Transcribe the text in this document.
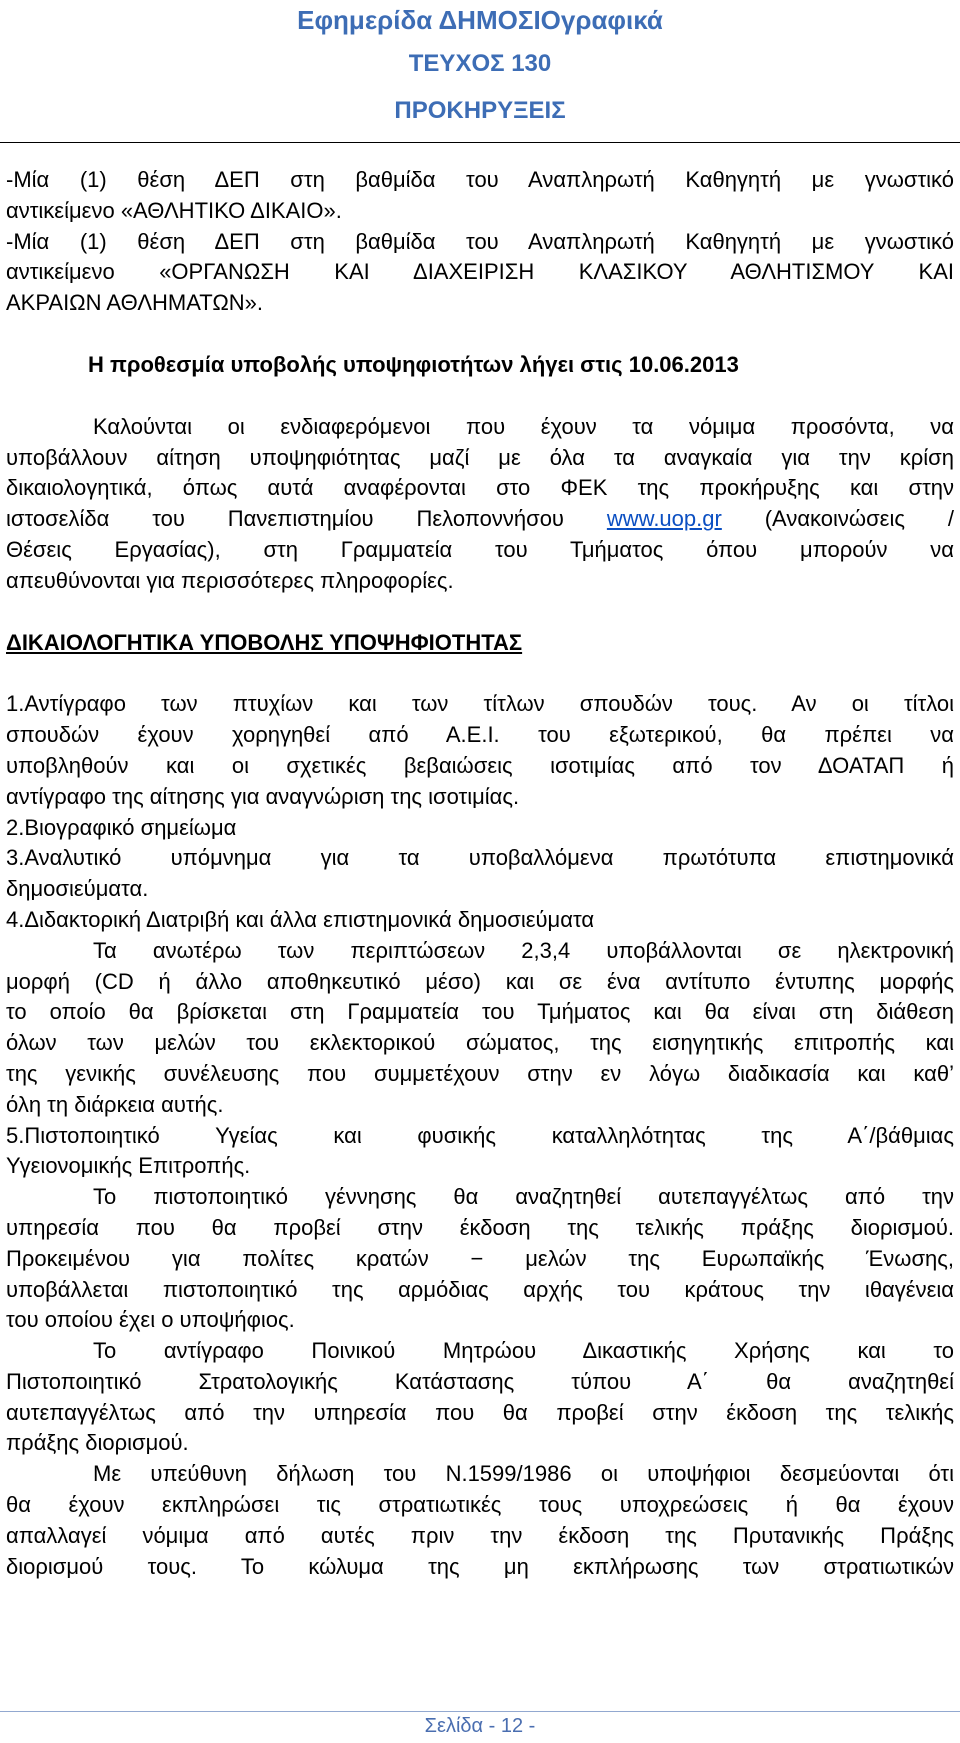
Εφημερίδα ΔΗΜΟΣΙΟγραφικά
ΤΕΥΧΟΣ 130
ΠΡΟΚΗΡΥΞΕΙΣ

-Μία (1) θέση ΔΕΠ στη βαθμίδα του Αναπληρωτή Καθηγητή με γνωστικό
αντικείμενο «ΑΘΛΗΤΙΚΟ ΔΙΚΑΙΟ».
-Μία (1) θέση ΔΕΠ στη βαθμίδα του Αναπληρωτή Καθηγητή με γνωστικό
αντικείμενο «ΟΡΓΑΝΩΣΗ ΚΑΙ ΔΙΑΧΕΙΡΙΣΗ ΚΛΑΣΙΚΟΥ ΑΘΛΗΤΙΣΜΟΥ ΚΑΙ
ΑΚΡΑΙΩΝ ΑΘΛΗΜΑΤΩΝ».

Η προθεσμία υποβολής υποψηφιοτήτων λήγει στις 10.06.2013

Καλούνται οι ενδιαφερόμενοι που έχουν τα νόμιμα προσόντα, να
υποβάλλουν αίτηση υποψηφιότητας μαζί με όλα τα αναγκαία για την κρίση
δικαιολογητικά, όπως αυτά αναφέρονται στο ΦΕΚ της προκήρυξης και στην
ιστοσελίδα του Πανεπιστημίου Πελοποννήσου www.uop.gr (Ανακοινώσεις /
Θέσεις Εργασίας), στη Γραμματεία του Τμήματος όπου μπορούν να
απευθύνονται για περισσότερες πληροφορίες.

ΔΙΚΑΙΟΛΟΓΗΤΙΚΑ ΥΠΟΒΟΛΗΣ ΥΠΟΨΗΦΙΟΤΗΤΑΣ

1.Αντίγραφο των πτυχίων και των τίτλων σπουδών τους. Αν οι τίτλοι
σπουδών έχουν χορηγηθεί από Α.Ε.Ι. του εξωτερικού, θα πρέπει να
υποβληθούν και οι σχετικές βεβαιώσεις ισοτιμίας από τον ΔΟΑΤΑΠ ή
αντίγραφο της αίτησης για αναγνώριση της ισοτιμίας.
2.Βιογραφικό σημείωμα
3.Αναλυτικό υπόμνημα για τα υποβαλλόμενα πρωτότυπα επιστημονικά
δημοσιεύματα.
4.Διδακτορική Διατριβή και άλλα επιστημονικά δημοσιεύματα
Τα ανωτέρω των περιπτώσεων 2,3,4 υποβάλλονται σε ηλεκτρονική
μορφή (CD ή άλλο αποθηκευτικό μέσο) και σε ένα αντίτυπο έντυπης μορφής
το οποίο θα βρίσκεται στη Γραμματεία του Τμήματος και θα είναι στη διάθεση
όλων των μελών του εκλεκτορικού σώματος, της εισηγητικής επιτροπής και
της γενικής συνέλευσης που συμμετέχουν στην εν λόγω διαδικασία και καθ’
όλη τη διάρκεια αυτής.
5.Πιστοποιητικό Υγείας και φυσικής καταλληλότητας της Α΄/βάθμιας
Υγειονομικής Επιτροπής.
Το πιστοποιητικό γέννησης θα αναζητηθεί αυτεπαγγέλτως από την
υπηρεσία που θα προβεί στην έκδοση της τελικής πράξης διορισμού.
Προκειμένου για πολίτες κρατών − μελών της Ευρωπαϊκής Ένωσης,
υποβάλλεται πιστοποιητικό της αρμόδιας αρχής του κράτους την ιθαγένεια
του οποίου έχει ο υποψήφιος.
Το αντίγραφο Ποινικού Μητρώου Δικαστικής Χρήσης και το
Πιστοποιητικό Στρατολογικής Κατάστασης τύπου Α΄ θα αναζητηθεί
αυτεπαγγέλτως από την υπηρεσία που θα προβεί στην έκδοση της τελικής
πράξης διορισμού.
Με υπεύθυνη δήλωση του Ν.1599/1986 οι υποψήφιοι δεσμεύονται ότι
θα έχουν εκπληρώσει τις στρατιωτικές τους υποχρεώσεις ή θα έχουν
απαλλαγεί νόμιμα από αυτές πριν την έκδοση της Πρυτανικής Πράξης
διορισμού τους. Το κώλυμα της μη εκπλήρωσης των στρατιωτικών

Σελίδα - 12 -
